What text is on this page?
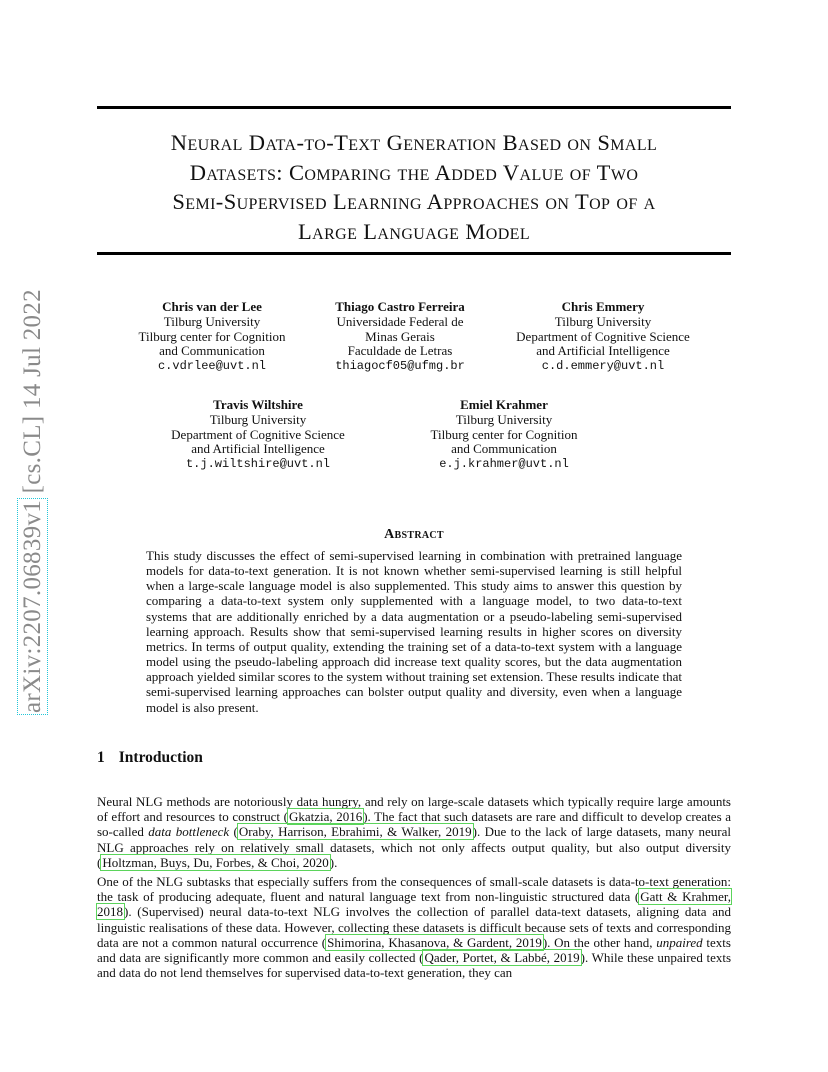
arXiv:2207.06839v1 [cs.CL] 14 Jul 2022
Neural Data-to-Text Generation Based on Small
Datasets: Comparing the Added Value of Two
Semi-Supervised Learning Approaches on Top of a
Large Language Model
Chris van der Lee
Tilburg University
Tilburg center for Cognition
and Communication
c.vdrlee@uvt.nl
Thiago Castro Ferreira
Universidade Federal de
Minas Gerais
Faculdade de Letras
thiagocf05@ufmg.br
Chris Emmery
Tilburg University
Department of Cognitive Science
and Artificial Intelligence
c.d.emmery@uvt.nl
Travis Wiltshire
Tilburg University
Department of Cognitive Science
and Artificial Intelligence
t.j.wiltshire@uvt.nl
Emiel Krahmer
Tilburg University
Tilburg center for Cognition
and Communication
e.j.krahmer@uvt.nl
Abstract
This study discusses the effect of semi-supervised learning in combination with pretrained language models for data-to-text generation. It is not known whether semi-supervised learning is still helpful when a large-scale language model is also supplemented. This study aims to answer this question by comparing a data-to-text system only supplemented with a language model, to two data-to-text systems that are additionally enriched by a data augmentation or a pseudo-labeling semi-supervised learning approach. Results show that semi-supervised learning results in higher scores on diversity metrics. In terms of output quality, extending the training set of a data-to-text system with a language model using the pseudo-labeling approach did increase text quality scores, but the data augmentation approach yielded similar scores to the system without training set extension. These results indicate that semi-supervised learning approaches can bolster output quality and diversity, even when a language model is also present.
1 Introduction
Neural NLG methods are notoriously data hungry, and rely on large-scale datasets which typically require large amounts of effort and resources to construct (Gkatzia, 2016). The fact that such datasets are rare and difficult to develop creates a so-called data bottleneck (Oraby, Harrison, Ebrahimi, & Walker, 2019). Due to the lack of large datasets, many neural NLG approaches rely on relatively small datasets, which not only affects output quality, but also output diversity (Holtzman, Buys, Du, Forbes, & Choi, 2020).
One of the NLG subtasks that especially suffers from the consequences of small-scale datasets is data-to-text generation: the task of producing adequate, fluent and natural language text from non-linguistic structured data (Gatt & Krahmer, 2018). (Supervised) neural data-to-text NLG involves the collection of parallel data-text datasets, aligning data and linguistic realisations of these data. However, collecting these datasets is difficult because sets of texts and corresponding data are not a common natural occurrence (Shimorina, Khasanova, & Gardent, 2019). On the other hand, unpaired texts and data are significantly more common and easily collected (Qader, Portet, & Labbé, 2019). While these unpaired texts and data do not lend themselves for supervised data-to-text generation, they can
